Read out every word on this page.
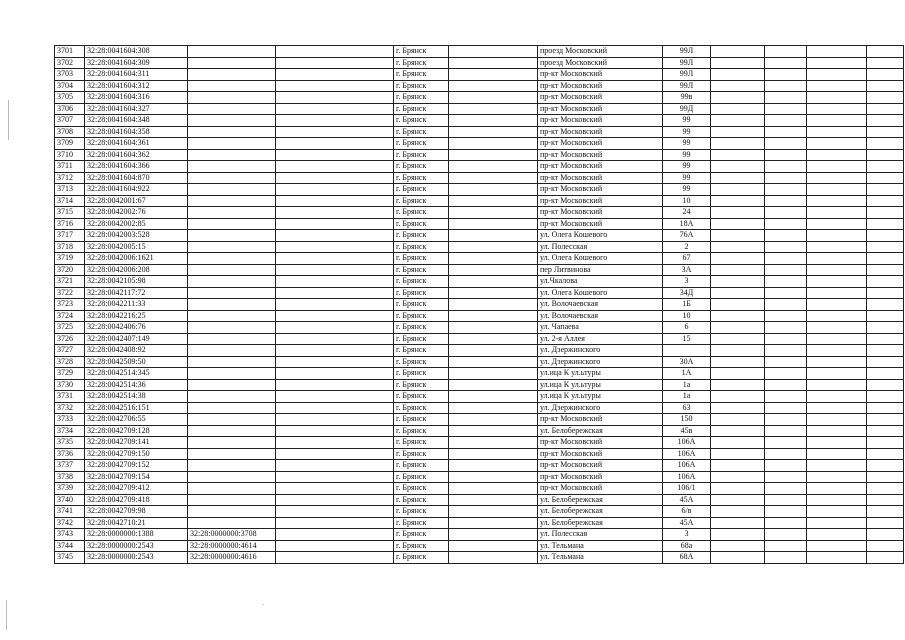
3701	32:28:0041604:308			г. Брянск		проезд Московский	99Л				
3702	32:28:0041604:309			г. Брянск		проезд Московский	99Л				
3703	32:28:0041604:311			г. Брянск		пр-кт Московский	99Л				
3704	32:28:0041604:312			г. Брянск		пр-кт Московский	99Л				
3705	32:28:0041604:316			г. Брянск		пр-кт Московский	99в				
3706	32:28:0041604:327			г. Брянск		пр-кт Московский	99Д				
3707	32:28:0041604:348			г. Брянск		пр-кт Московский	99				
3708	32:28:0041604:358			г. Брянск		пр-кт Московский	99				
3709	32:28:0041604:361			г. Брянск		пр-кт Московский	99				
3710	32:28:0041604:362			г. Брянск		пр-кт Московский	99				
3711	32:28:0041604:366			г. Брянск		пр-кт Московский	99				
3712	32:28:0041604:870			г. Брянск		пр-кт Московский	99				
3713	32:28:0041604:922			г. Брянск		пр-кт Московский	99				
3714	32:28:0042001:67			г. Брянск		пр-кт Московский	10				
3715	32:28:0042002:76			г. Брянск		пр-кт Московский	24				
3716	32:28:0042002:85			г. Брянск		пр-кт Московский	18А				
3717	32:28:0042003:528			г. Брянск		ул. Олега Кошевого	76А				
3718	32:28:0042005:15			г. Брянск		ул. Полесская	2				
3719	32:28:0042006:1621			г. Брянск		ул. Олега Кошевого	67				
3720	32:28:0042006:208			г. Брянск		пер Литвинова	3А				
3721	32:28:0042105:98			г. Брянск		ул.Чкалова	3				
3722	32:28:0042117:72			г. Брянск		ул. Олега Кошевого	34Д				
3723	32:28:0042211:33			г. Брянск		ул. Волочаевская	1Б				
3724	32:28:0042216:25			г. Брянск		ул. Волочаевская	10				
3725	32:28:0042406:76			г. Брянск		ул. Чапаева	6				
3726	32:28:0042407:149			г. Брянск		ул. 2-я Аллея	15				
3727	32:28:0042408:92			г. Брянск		ул. Дзержинского					
3728	32:28:0042509:50			г. Брянск		ул. Дзержинского	30А				
3729	32:28:0042514:345			г. Брянск		ул.ица К ул.ьтуры	1А				
3730	32:28:0042514:36			г. Брянск		ул.ица К ул.ьтуры	1а				
3731	32:28:0042514:38			г. Брянск		ул.ица К ул.ьтуры	1а				
3732	32:28:0042516:151			г. Брянск		ул. Дзержинского	63				
3733	32:28:0042706:55			г. Брянск		пр-кт Московский	150				
3734	32:28:0042709:128			г. Брянск		ул. Белобережская	45в				
3735	32:28:0042709:141			г. Брянск		пр-кт Московский	106А				
3736	32:28:0042709:150			г. Брянск		пр-кт Московский	106А				
3737	32:28:0042709:152			г. Брянск		пр-кт Московский	106А				
3738	32:28:0042709:154			г. Брянск		пр-кт Московский	106А				
3739	32:28:0042709:412			г. Брянск		пр-кт Московский	106/1				
3740	32:28:0042709:418			г. Брянск		ул. Белобережская	45А				
3741	32:28:0042709:98			г. Брянск		ул. Белобережская	6/в				
3742	32:28:0042710:21			г. Брянск		ул. Белобережская	45А				
3743	32:28:0000000:1388	32:28:0000000:3708		г. Брянск		ул. Полесская	3				
3744	32:28:0000000:2543	32:28:0000000:4614		г. Брянск		ул. Тельмана	68а				
3745	32:28:0000000:2543	32:28:0000000:4616		г. Брянск		ул. Тельмана	68А				
